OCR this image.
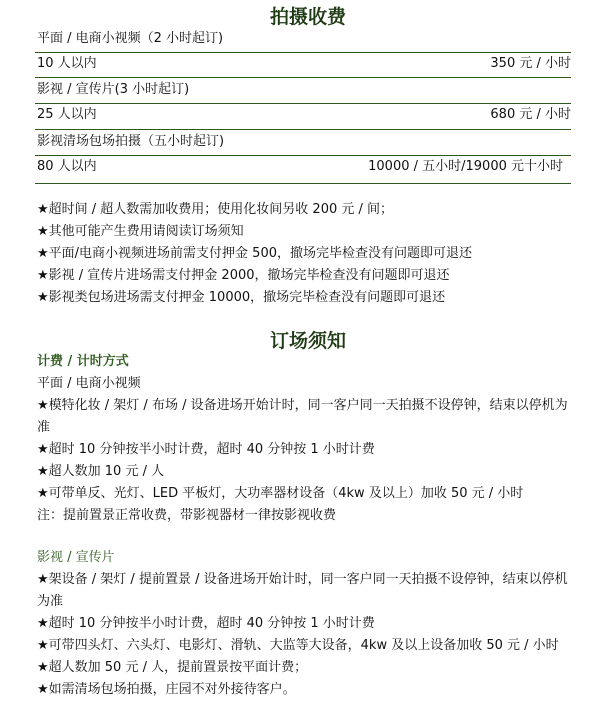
拍摄收费
平面 / 电商小视频（2 小时起订)
10 人以内	350 元 / 小时
影视 / 宣传片(3 小时起订)
25 人以内	680 元 / 小时
影视清场包场拍摄（五小时起订)
80 人以内	10000 / 五小时/19000 元十小时
★超时间 / 超人数需加收费用；使用化妆间另收 200 元 / 间；
★其他可能产生费用请阅读订场须知
★平面/电商小视频进场前需支付押金 500，撤场完毕检查没有问题即可退还
★影视 / 宣传片进场需支付押金 2000，撤场完毕检查没有问题即可退还
★影视类包场进场需支付押金 10000，撤场完毕检查没有问题即可退还
订场须知
计费 / 计时方式
平面 / 电商小视频
★模特化妆 / 架灯 / 布场 / 设备进场开始计时，同一客户同一天拍摄不设停钟，结束以停机为准
★超时 10 分钟按半小时计费，超时 40 分钟按 1 小时计费
★超人数加 10 元 / 人
★可带单反、光灯、LED 平板灯，大功率器材设备（4kw 及以上）加收 50 元 / 小时
注：提前置景正常收费，带影视器材一律按影视收费
影视 / 宣传片
★架设备 / 架灯 / 提前置景 / 设备进场开始计时，同一客户同一天拍摄不设停钟，结束以停机为准
★超时 10 分钟按半小时计费，超时 40 分钟按 1 小时计费
★可带四头灯、六头灯、电影灯、滑轨、大监等大设备，4kw 及以上设备加收 50 元 / 小时
★超人数加 50 元 / 人，提前置景按平面计费；
★如需清场包场拍摄，庄园不对外接待客户。
